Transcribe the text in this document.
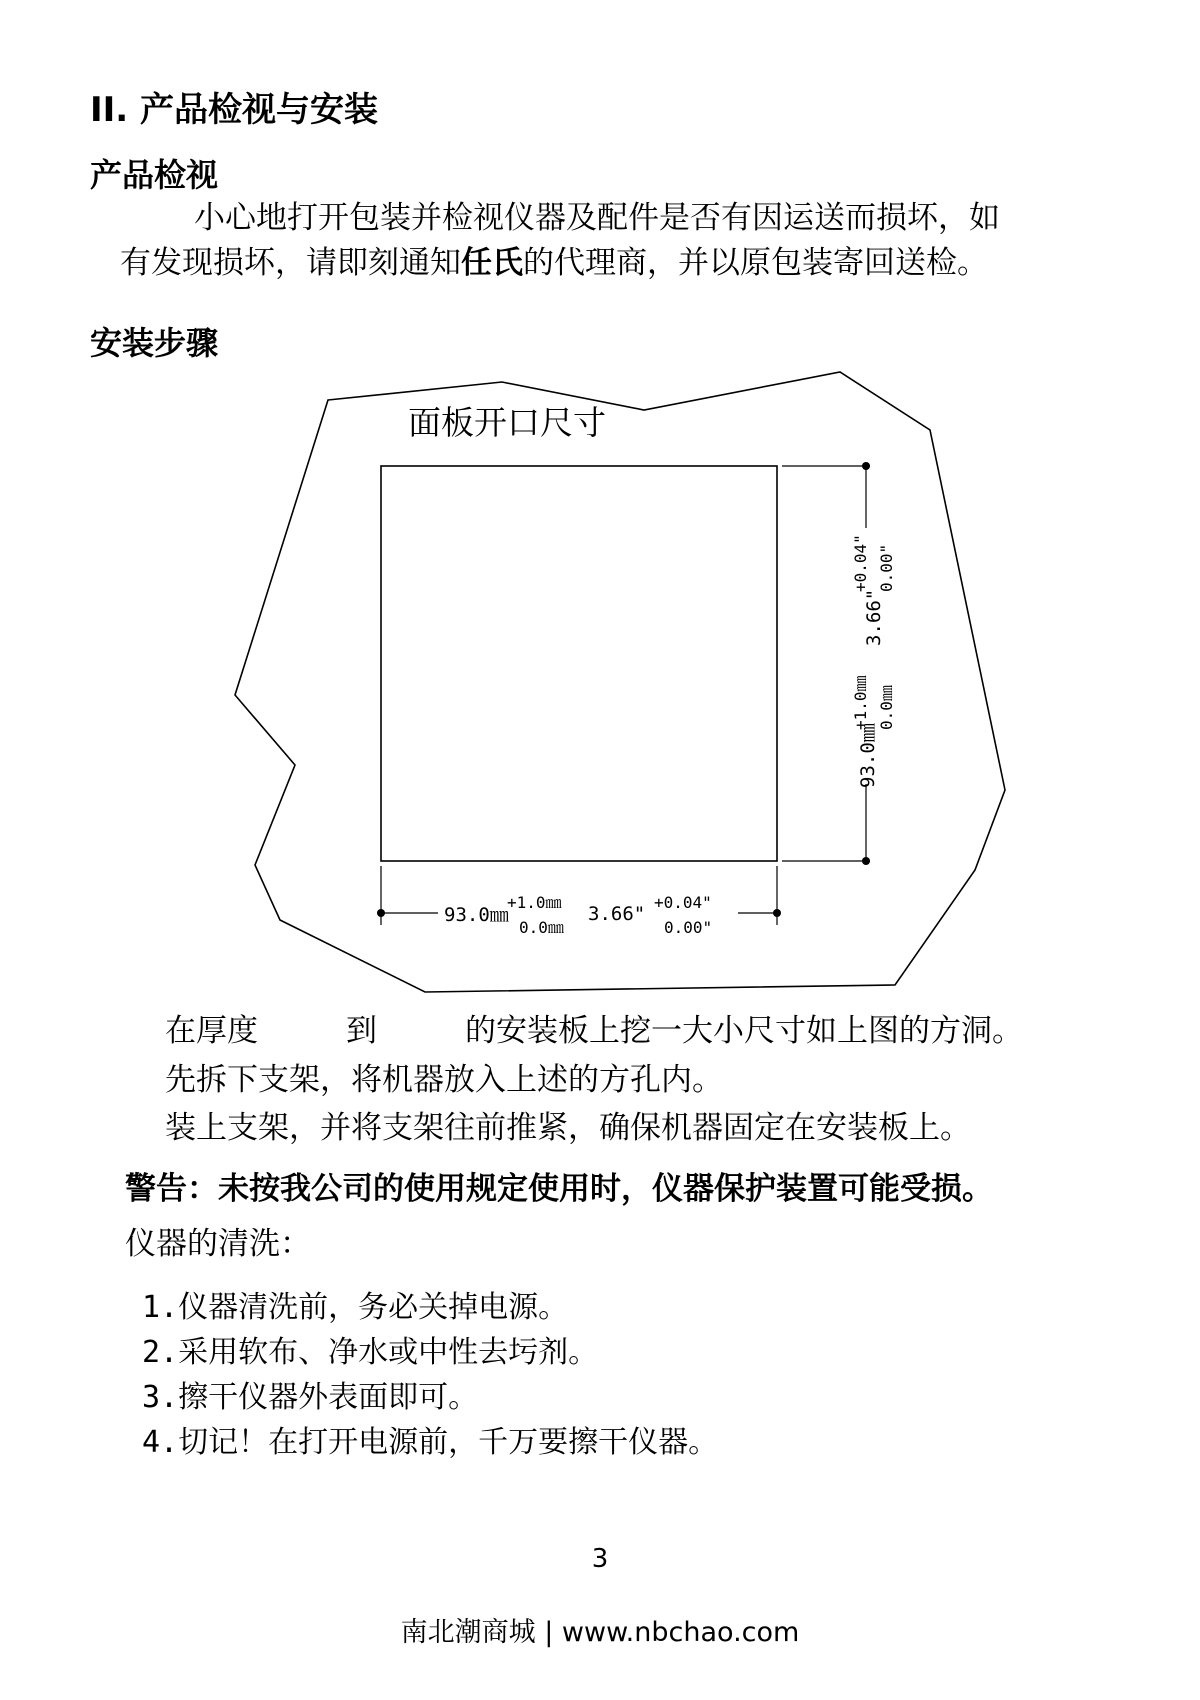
II. 产品检视与安装
产品检视
小心地打开包装并检视仪器及配件是否有因运送而损坏，如
有发现损坏，请即刻通知任氏的代理商，并以原包装寄回送检。
安装步骤
面板开口尺寸
93.0㎜
+1.0㎜ 0.0㎜
3.66"
+0.04" 0.00"
93.0㎜
+1.0㎜
0.0㎜
3.66"
+0.04"
0.00"

在厚度	到	的安装板上挖一大小尺寸如上图的方洞。

先拆下支架，将机器放入上述的方孔内。

装上支架，并将支架往前推紧，确保机器固定在安装板上。

警告：未按我公司的使用规定使用时，仪器保护装置可能受损。

仪器的清洗：

1.仪器清洗前，务必关掉电源。

2.采用软布、净水或中性去圬剂。

3.擦干仪器外表面即可。

4.切记！在打开电源前，千万要擦干仪器。

3

南北潮商城 | www.nbchao.com
